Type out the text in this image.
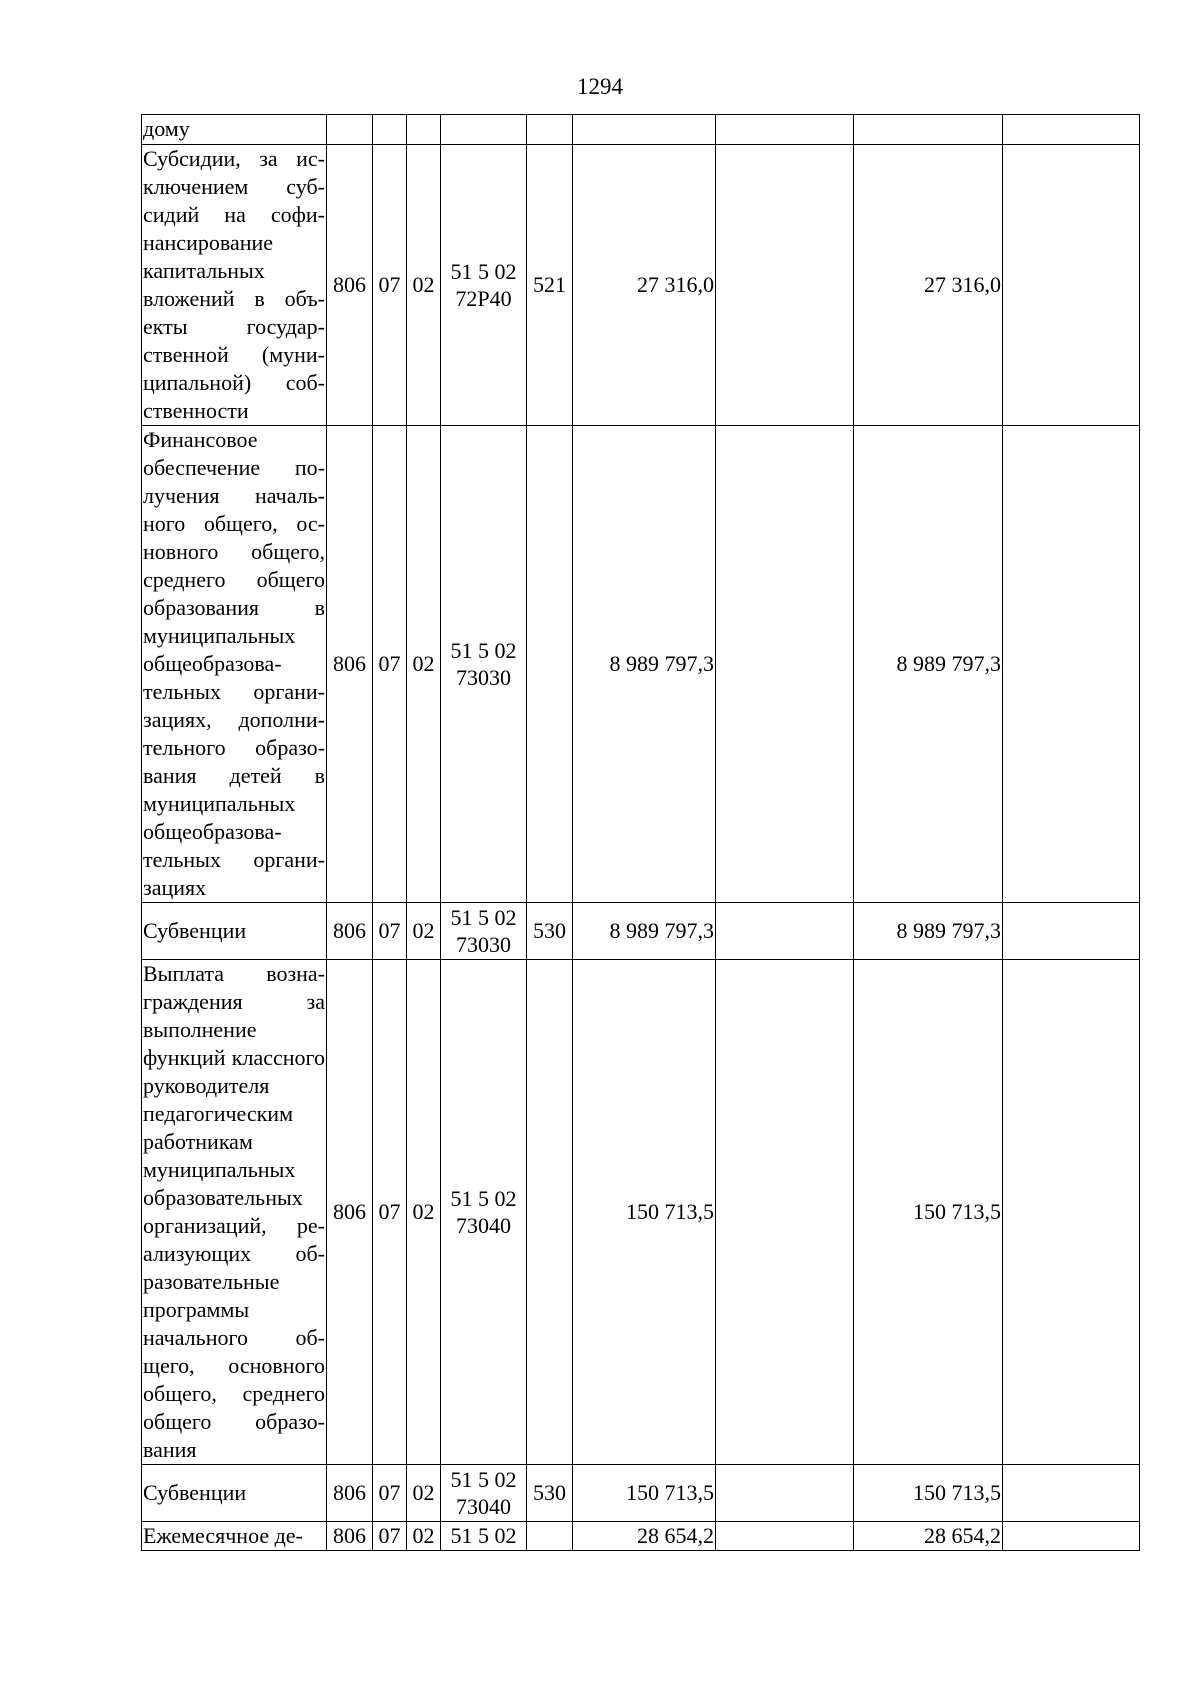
1294
дому									
Субсидии, за исключением субсидий на софинансирование капитальных вложений в объекты государственной (муниципальной) собственности	806	07	02	51 5 02 72Р40	521	27 316,0		27 316,0	
Финансовое обеспечение получения начального общего, основного общего, среднего общего образования в муниципальных общеобразовательных организациях, дополнительного образования детей в муниципальных общеобразовательных организациях	806	07	02	51 5 02 73030		8 989 797,3		8 989 797,3	
Субвенции	806	07	02	51 5 02 73030	530	8 989 797,3		8 989 797,3	
Выплата вознаграждения за выполнение функций классного руководителя педагогическим работникам муниципальных образовательных организаций, реализующих образовательные программы начального общего, основного общего, среднего общего образования	806	07	02	51 5 02 73040		150 713,5		150 713,5	
Субвенции	806	07	02	51 5 02 73040	530	150 713,5		150 713,5	
Ежемесячное де-	806	07	02	51 5 02		28 654,2		28 654,2	
